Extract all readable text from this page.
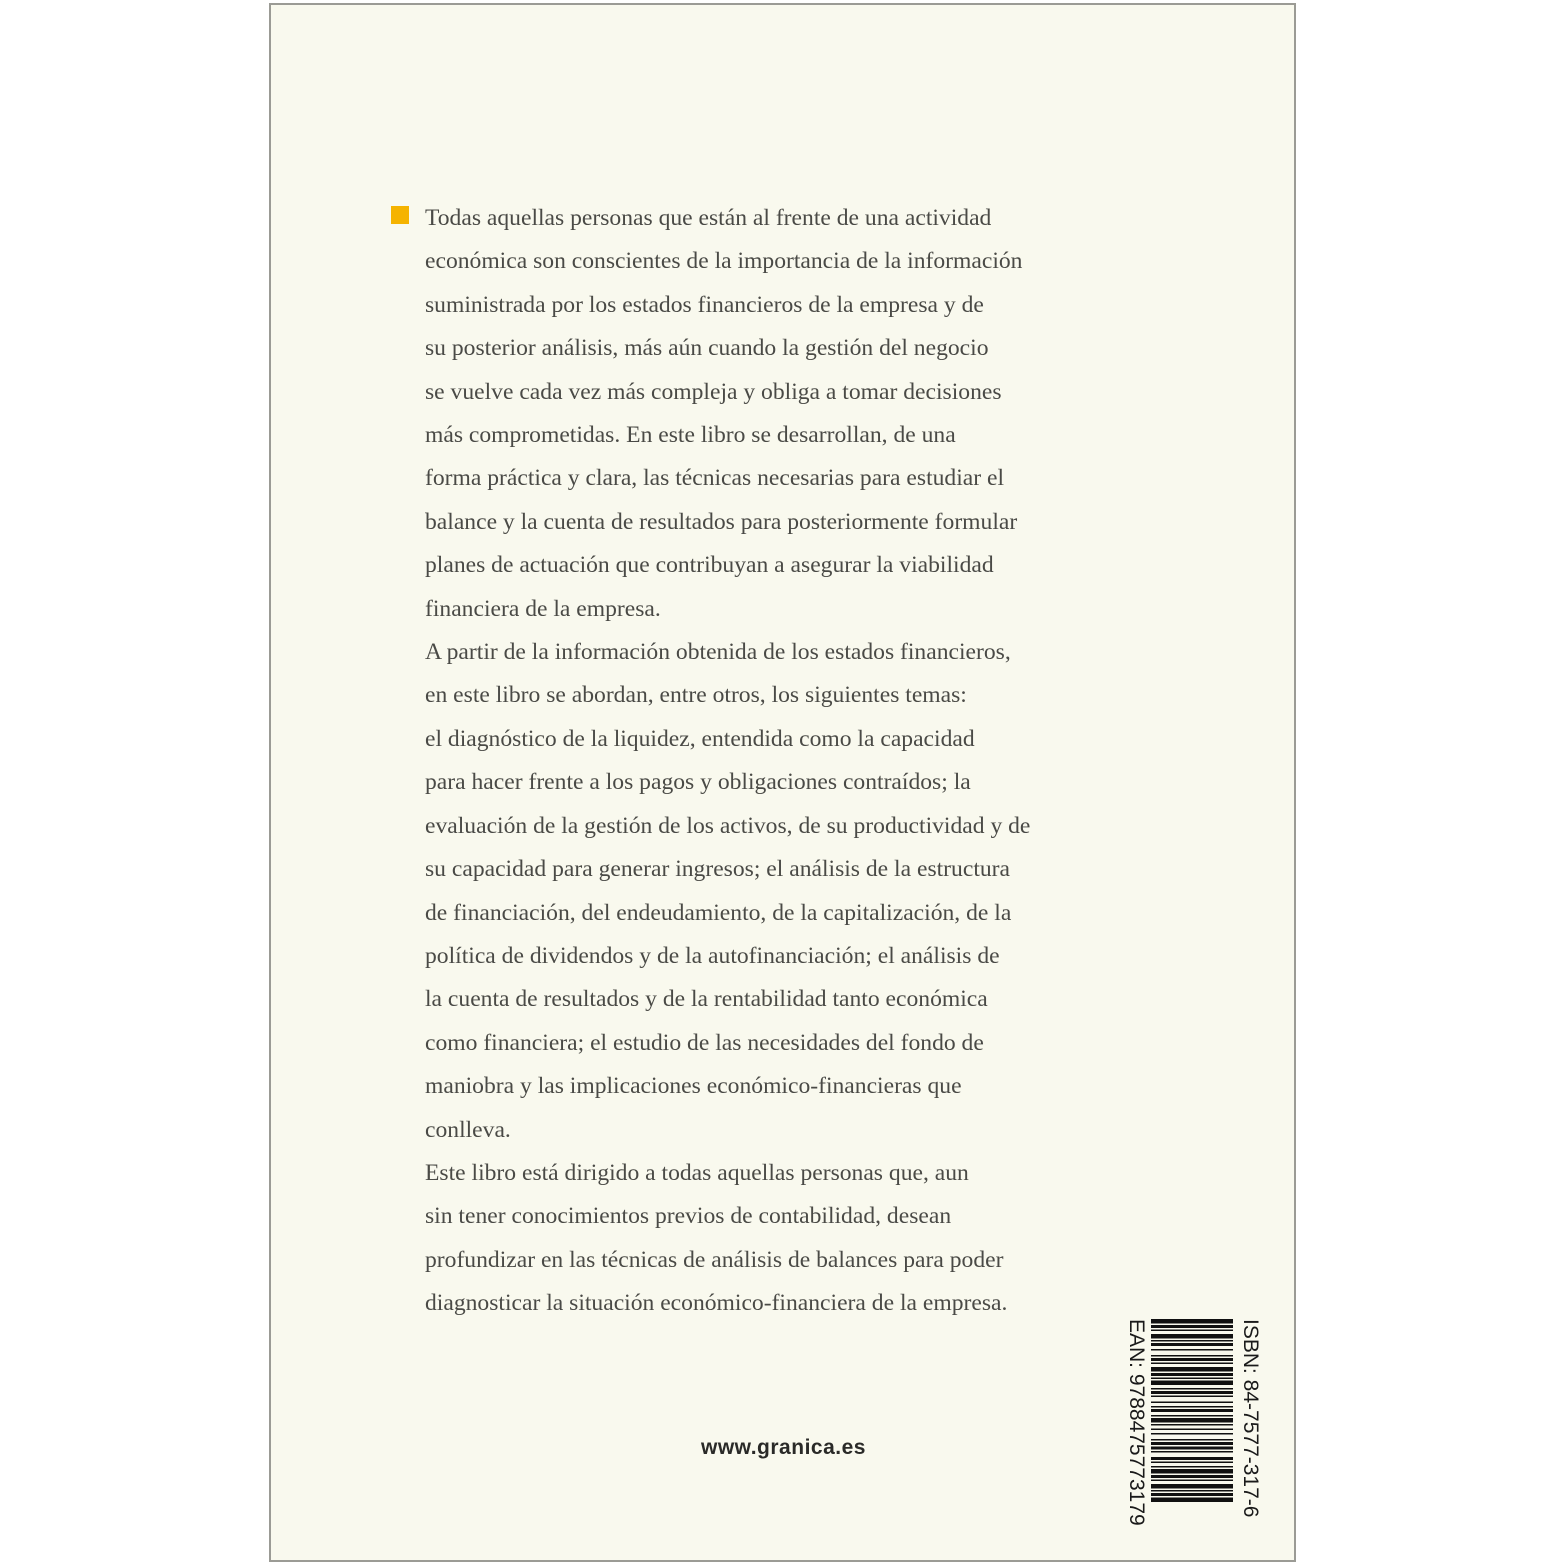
Todas aquellas personas que están al frente de una actividad
económica son conscientes de la importancia de la información
suministrada por los estados financieros de la empresa y de
su posterior análisis, más aún cuando la gestión del negocio
se vuelve cada vez más compleja y obliga a tomar decisiones
más comprometidas. En este libro se desarrollan, de una
forma práctica y clara, las técnicas necesarias para estudiar el
balance y la cuenta de resultados para posteriormente formular
planes de actuación que contribuyan a asegurar la viabilidad
financiera de la empresa.
A partir de la información obtenida de los estados financieros,
en este libro se abordan, entre otros, los siguientes temas:
el diagnóstico de la liquidez, entendida como la capacidad
para hacer frente a los pagos y obligaciones contraídos; la
evaluación de la gestión de los activos, de su productividad y de
su capacidad para generar ingresos; el análisis de la estructura
de financiación, del endeudamiento, de la capitalización, de la
política de dividendos y de la autofinanciación; el análisis de
la cuenta de resultados y de la rentabilidad tanto económica
como financiera; el estudio de las necesidades del fondo de
maniobra y las implicaciones económico-financieras que
conlleva.
Este libro está dirigido a todas aquellas personas que, aun
sin tener conocimientos previos de contabilidad, desean
profundizar en las técnicas de análisis de balances para poder
diagnosticar la situación económico-financiera de la empresa.
EAN: 9788475773179	ISBN: 84-7577-317-6
www.granica.es
